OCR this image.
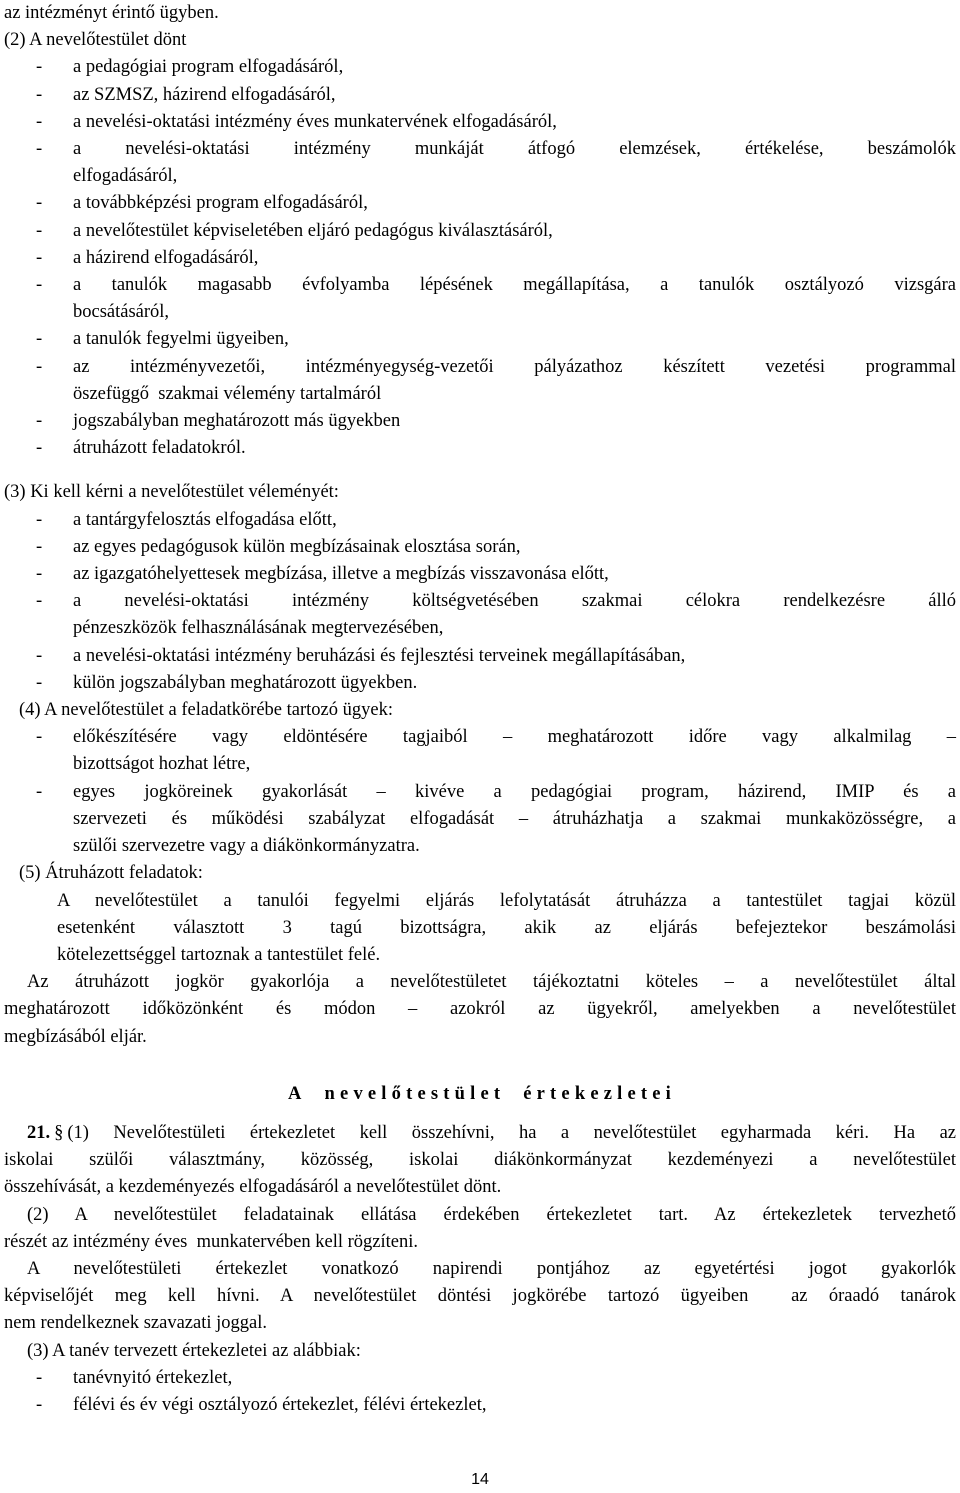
az intézményt érintő ügyben.
(2) A nevelőtestület dönt
- a pedagógiai program elfogadásáról,
- az SZMSZ, házirend elfogadásáról,
- a nevelési-oktatási intézmény éves munkatervének elfogadásáról,
- a nevelési-oktatási intézmény munkáját átfogó elemzések, értékelése, beszámolók
elfogadásáról,
- a továbbképzési program elfogadásáról,
- a nevelőtestület képviseletében eljáró pedagógus kiválasztásáról,
- a házirend elfogadásáról,
- a tanulók magasabb évfolyamba lépésének megállapítása, a tanulók osztályozó vizsgára
bocsátásáról,
- a tanulók fegyelmi ügyeiben,
- az intézményvezetői, intézményegység-vezetői pályázathoz készített vezetési programmal
öszefüggő  szakmai vélemény tartalmáról
- jogszabályban meghatározott más ügyekben
- átruházott feladatokról.
(3) Ki kell kérni a nevelőtestület véleményét:
- a tantárgyfelosztás elfogadása előtt,
- az egyes pedagógusok külön megbízásainak elosztása során,
- az igazgatóhelyettesek megbízása, illetve a megbízás visszavonása előtt,
- a nevelési-oktatási intézmény költségvetésében szakmai célokra rendelkezésre álló
pénzeszközök felhasználásának megtervezésében,
- a nevelési-oktatási intézmény beruházási és fejlesztési terveinek megállapításában,
- külön jogszabályban meghatározott ügyekben.
(4) A nevelőtestület a feladatkörébe tartozó ügyek:
- előkészítésére vagy eldöntésére tagjaiból – meghatározott időre vagy alkalmilag –
bizottságot hozhat létre,
- egyes jogköreinek gyakorlását – kivéve a pedagógiai program, házirend, IMIP és a
szervezeti és működési szabályzat elfogadását – átruházhatja a szakmai munkaközösségre, a
szülői szervezetre vagy a diákönkormányzatra.
(5) Átruházott feladatok:
A nevelőtestület a tanulói fegyelmi eljárás lefolytatását átruházza a tantestület tagjai közül
esetenként választott 3 tagú bizottságra, akik az eljárás befejeztekor beszámolási
kötelezettséggel tartoznak a tantestület felé.
Az átruházott jogkör gyakorlója a nevelőtestületet tájékoztatni köteles – a nevelőtestület által
meghatározott időközönként és módon – azokról az ügyekről, amelyekben a nevelőtestület
megbízásából eljár.
A nevelőtestület értekezletei
21. § (1) Nevelőtestületi értekezletet kell összehívni, ha a nevelőtestület egyharmada kéri. Ha az
iskolai szülői választmány, közösség, iskolai diákönkormányzat kezdeményezi a nevelőtestület
összehívását, a kezdeményezés elfogadásáról a nevelőtestület dönt.
(2) A nevelőtestület feladatainak ellátása érdekében értekezletet tart. Az értekezletek tervezhető
részét az intézmény éves  munkatervében kell rögzíteni.
A nevelőtestületi értekezlet vonatkozó napirendi pontjához az egyetértési jogot gyakorlók
képviselőjét meg kell hívni. A nevelőtestület döntési jogkörébe tartozó ügyeiben  az óraadó tanárok
nem rendelkeznek szavazati joggal.
(3) A tanév tervezett értekezletei az alábbiak:
- tanévnyitó értekezlet,
- félévi és év végi osztályozó értekezlet, félévi értekezlet,
14
